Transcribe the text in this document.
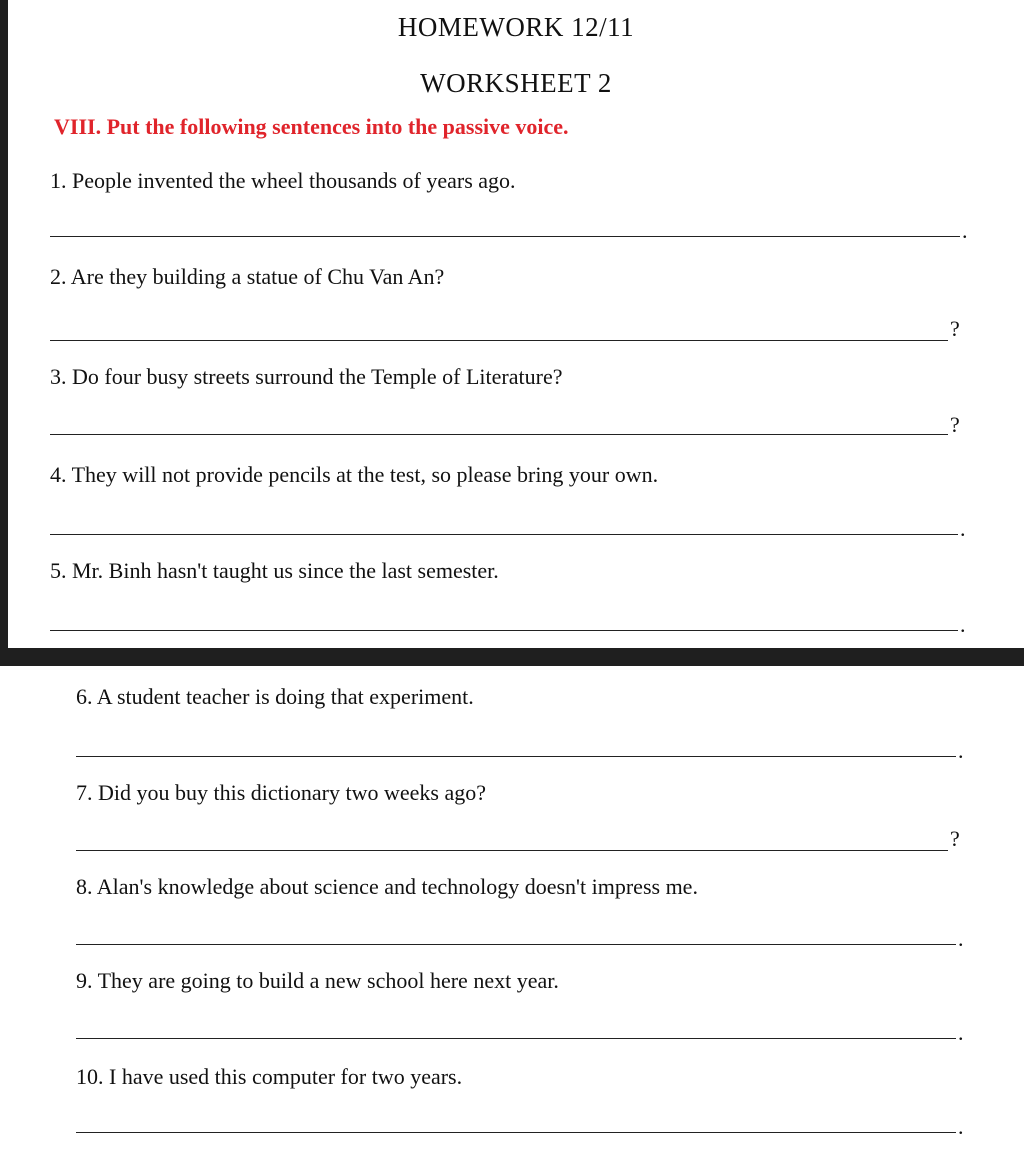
HOMEWORK 12/11
WORKSHEET 2
VIII. Put the following sentences into the passive voice.
1. People invented the wheel thousands of years ago.
.
2. Are they building a statue of Chu Van An?
?
3. Do four busy streets surround the Temple of Literature?
?
4. They will not provide pencils at the test, so please bring your own.
.
5. Mr. Binh hasn't taught us since the last semester.
.
6. A student teacher is doing that experiment.
.
7. Did you buy this dictionary two weeks ago?
?
8. Alan's knowledge about science and technology doesn't impress me.
.
9. They are going to build a new school here next year.
.
10. I have used this computer for two years.
.
